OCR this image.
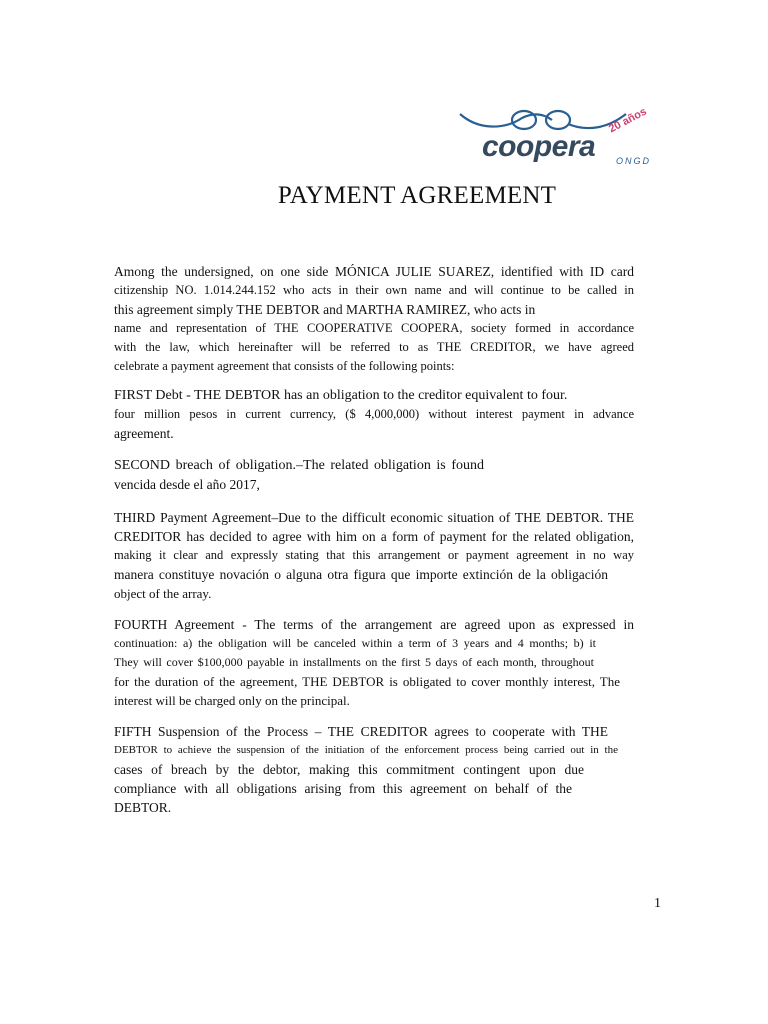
20 años
coopera ONGD
PAYMENT AGREEMENT

Among the undersigned, on one side MÓNICA JULIE SUAREZ, identified with ID card
citizenship NO. 1.014.244.152 who acts in their own name and will continue to be called in
this agreement simply THE DEBTOR and MARTHA RAMIREZ, who acts in
name and representation of THE COOPERATIVE COOPERA, society formed in accordance
with the law, which hereinafter will be referred to as THE CREDITOR, we have agreed
celebrate a payment agreement that consists of the following points:

FIRST Debt - THE DEBTOR has an obligation to the creditor equivalent to four.
four million pesos in current currency, ($ 4,000,000) without interest payment in advance
agreement.

SECOND breach of obligation.–The related obligation is found
vencida desde el año 2017,

THIRD Payment Agreement–Due to the difficult economic situation of THE DEBTOR. THE
CREDITOR has decided to agree with him on a form of payment for the related obligation,
making it clear and expressly stating that this arrangement or payment agreement in no way
manera constituye novación o alguna otra figura que importe extinción de la obligación
object of the array.

FOURTH Agreement - The terms of the arrangement are agreed upon as expressed in
continuation: a) the obligation will be canceled within a term of 3 years and 4 months; b) it
They will cover $100,000 payable in installments on the first 5 days of each month, throughout
for the duration of the agreement, THE DEBTOR is obligated to cover monthly interest, The
interest will be charged only on the principal.

FIFTH Suspension of the Process – THE CREDITOR agrees to cooperate with THE
DEBTOR to achieve the suspension of the initiation of the enforcement process being carried out in the
cases of breach by the debtor, making this commitment contingent upon due
compliance with all obligations arising from this agreement on behalf of the
DEBTOR.

1
